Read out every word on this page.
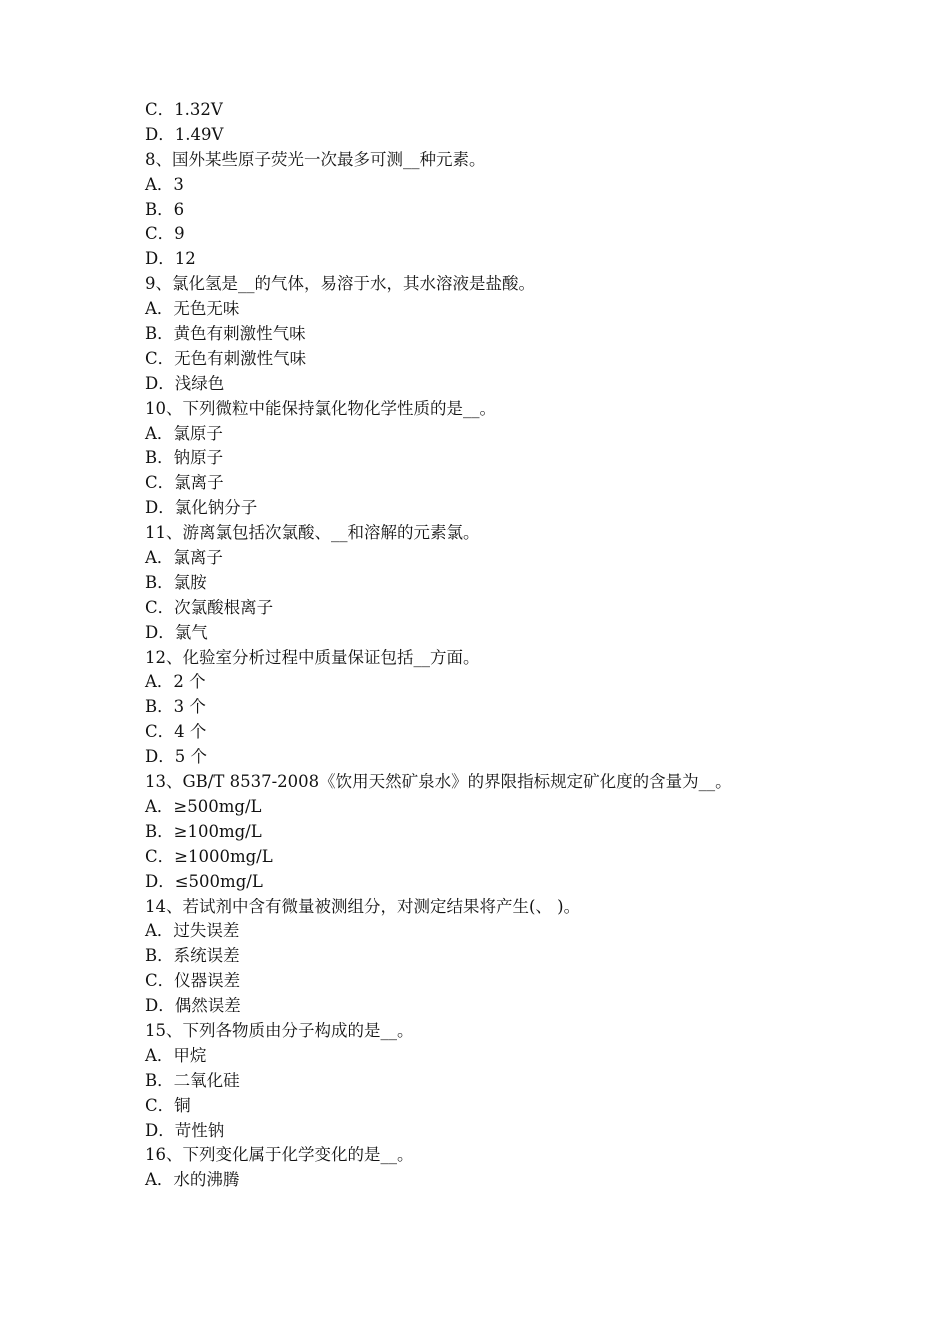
C．1.32V

D．1.49V

8、国外某些原子荧光一次最多可测__种元素。

A．3

B．6

C．9

D．12

9、氯化氢是__的气体，易溶于水，其水溶液是盐酸。

A．无色无味

B．黄色有刺激性气味

C．无色有刺激性气味

D．浅绿色

10、下列微粒中能保持氯化物化学性质的是__。

A．氯原子

B．钠原子

C．氯离子

D．氯化钠分子

11、游离氯包括次氯酸、__和溶解的元素氯。

A．氯离子

B．氯胺

C．次氯酸根离子

D．氯气

12、化验室分析过程中质量保证包括__方面。

A．2 个

B．3 个

C．4 个

D．5 个

13、GB/T 8537-2008《饮用天然矿泉水》的界限指标规定矿化度的含量为__。

A．≥500mg/L

B．≥100mg/L

C．≥1000mg/L

D．≤500mg/L

14、若试剂中含有微量被测组分，对测定结果将产生(、 )。

A．过失误差

B．系统误差

C．仪器误差

D．偶然误差

15、下列各物质由分子构成的是__。

A．甲烷

B．二氧化硅

C．铜

D．苛性钠

16、下列变化属于化学变化的是__。

A．水的沸腾
